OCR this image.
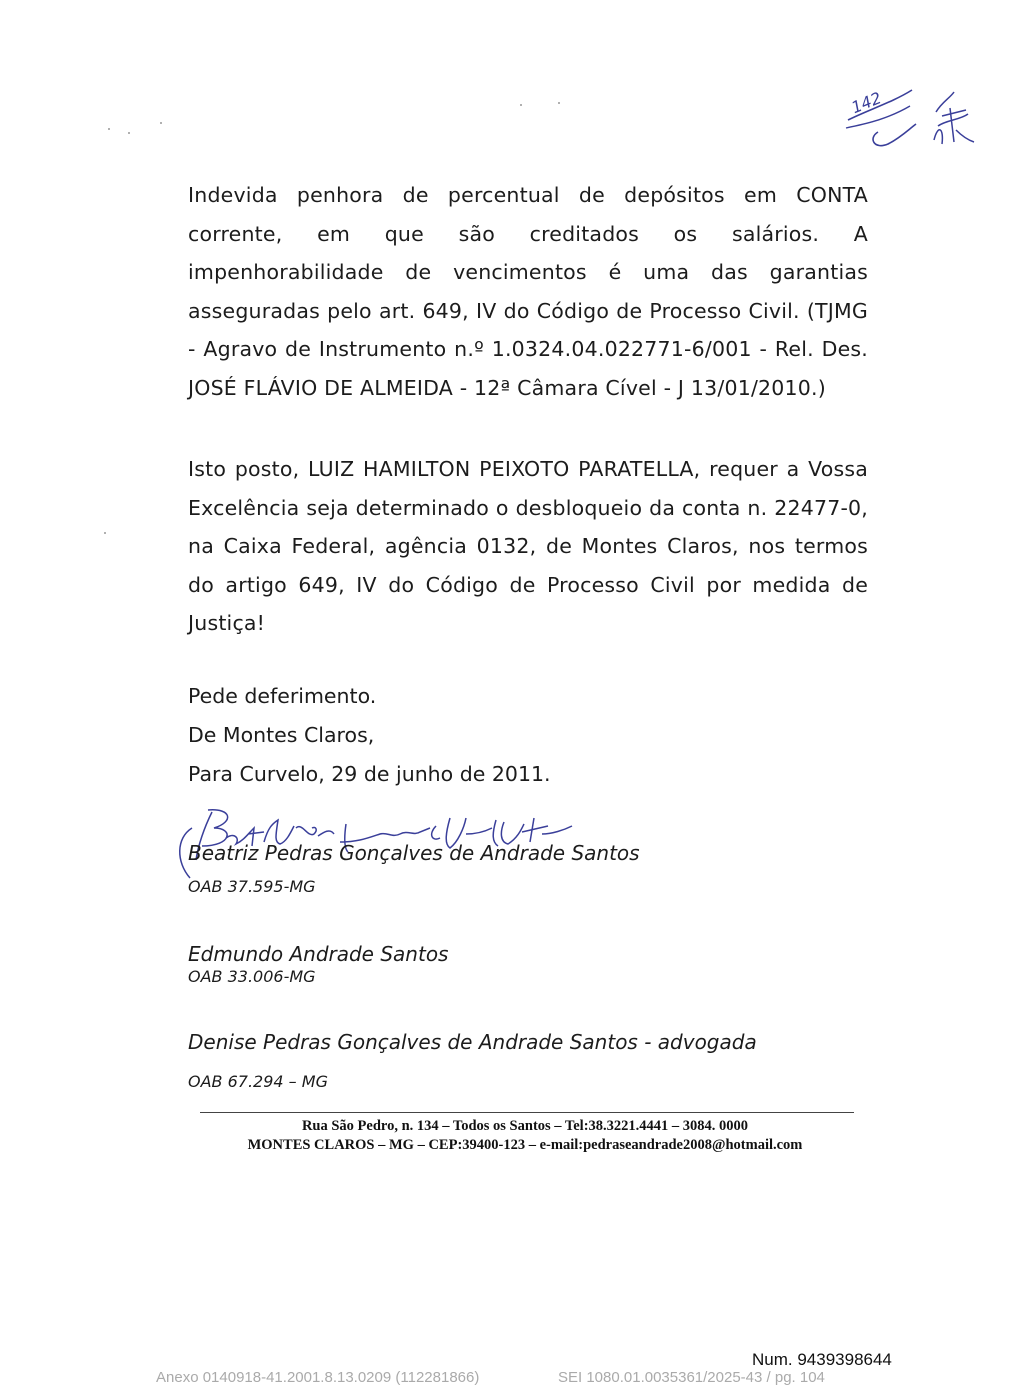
142

Indevida penhora de percentual de depósitos em CONTA corrente, em que são creditados os salários. A impenhorabilidade de vencimentos é uma das garantias asseguradas pelo art. 649, IV do Código de Processo Civil. (TJMG - Agravo de Instrumento n.º 1.0324.04.022771-6/001 - Rel. Des. JOSÉ FLÁVIO DE ALMEIDA - 12ª Câmara Cível - J 13/01/2010.)

Isto posto, LUIZ HAMILTON PEIXOTO PARATELLA, requer a Vossa Excelência seja determinado o desbloqueio da conta n. 22477-0, na Caixa Federal, agência 0132, de Montes Claros, nos termos do artigo 649, IV do Código de Processo Civil por medida de Justiça!

Pede deferimento.
De Montes Claros,
Para Curvelo, 29 de junho de 2011.
Beatriz Pedras Gonçalves de Andrade Santos
OAB 37.595-MG
Edmundo Andrade Santos
OAB 33.006-MG
Denise Pedras Gonçalves de Andrade Santos - advogada
OAB 67.294 – MG
Rua São Pedro, n. 134 – Todos os Santos – Tel:38.3221.4441 – 3084. 0000
MONTES CLAROS – MG – CEP:39400-123 – e-mail:pedraseandrade2008@hotmail.com
Num. 9439398644
Anexo 0140918-41.2001.8.13.0209 (112281866)	SEI 1080.01.0035361/2025-43 / pg. 104
